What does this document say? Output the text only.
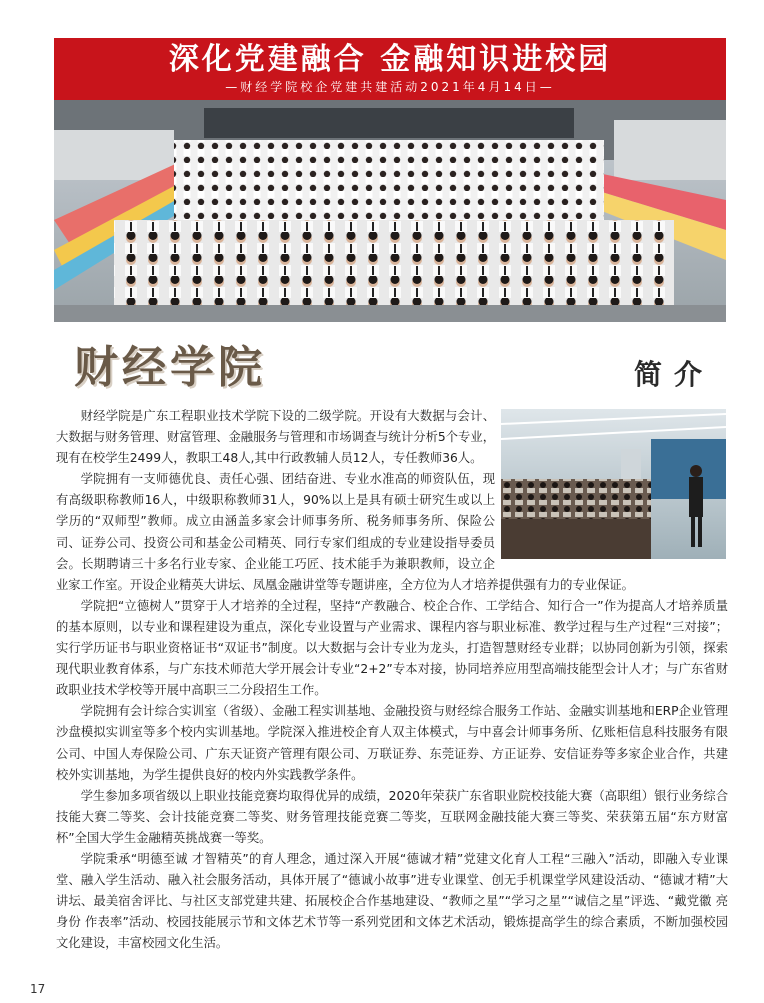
深化党建融合 金融知识进校园
—财经学院校企党建共建活动2021年4月14日—
财经学院	简介

财经学院是广东工程职业技术学院下设的二级学院。开设有大数据与会计、大数据与财务管理、财富管理、金融服务与管理和市场调查与统计分析5个专业，现有在校学生2499人，教职工48人,其中行政教辅人员12人，专任教师36人。

学院拥有一支师德优良、责任心强、团结奋进、专业水准高的师资队伍，现有高级职称教师16人，中级职称教师31人，90%以上是具有硕士研究生或以上学历的“双师型”教师。成立由涵盖多家会计师事务所、税务师事务所、保险公司、证券公司、投资公司和基金公司精英、同行专家们组成的专业建设指导委员会。长期聘请三十多名行业专家、企业能工巧匠、技术能手为兼职教师，设立企业家工作室。开设企业精英大讲坛、凤凰金融讲堂等专题讲座，全方位为人才培养提供强有力的专业保证。

学院把“立德树人”贯穿于人才培养的全过程，坚持“产教融合、校企合作、工学结合、知行合一”作为提高人才培养质量的基本原则，以专业和课程建设为重点，深化专业设置与产业需求、课程内容与职业标准、教学过程与生产过程“三对接”；实行学历证书与职业资格证书“双证书”制度。以大数据与会计专业为龙头，打造智慧财经专业群；以协同创新为引领，探索现代职业教育体系，与广东技术师范大学开展会计专业“2+2”专本对接，协同培养应用型高端技能型会计人才；与广东省财政职业技术学校等开展中高职三二分段招生工作。

学院拥有会计综合实训室（省级）、金融工程实训基地、金融投资与财经综合服务工作站、金融实训基地和ERP企业管理沙盘模拟实训室等多个校内实训基地。学院深入推进校企育人双主体模式，与中喜会计师事务所、亿账柜信息科技服务有限公司、中国人寿保险公司、广东天证资产管理有限公司、万联证券、东莞证券、方正证券、安信证券等多家企业合作，共建校外实训基地，为学生提供良好的校内外实践教学条件。

学生参加多项省级以上职业技能竞赛均取得优异的成绩，2020年荣获广东省职业院校技能大赛（高职组）银行业务综合技能大赛二等奖、会计技能竞赛二等奖、财务管理技能竞赛二等奖，互联网金融技能大赛三等奖、荣获第五届“东方财富杯”全国大学生金融精英挑战赛一等奖。

学院秉承“明德至诚 才智精英”的育人理念，通过深入开展“德诚才精”党建文化育人工程“三融入”活动，即融入专业课堂、融入学生活动、融入社会服务活动，具体开展了“德诚小故事”进专业课堂、创无手机课堂学风建设活动、“德诚才精”大讲坛、最美宿舍评比、与社区支部党建共建、拓展校企合作基地建设、“教师之星”“学习之星”“诚信之星”评选、“戴党徽 亮身份 作表率”活动、校园技能展示节和文体艺术节等一系列党团和文体艺术活动，锻炼提高学生的综合素质，不断加强校园文化建设，丰富校园文化生活。

17
